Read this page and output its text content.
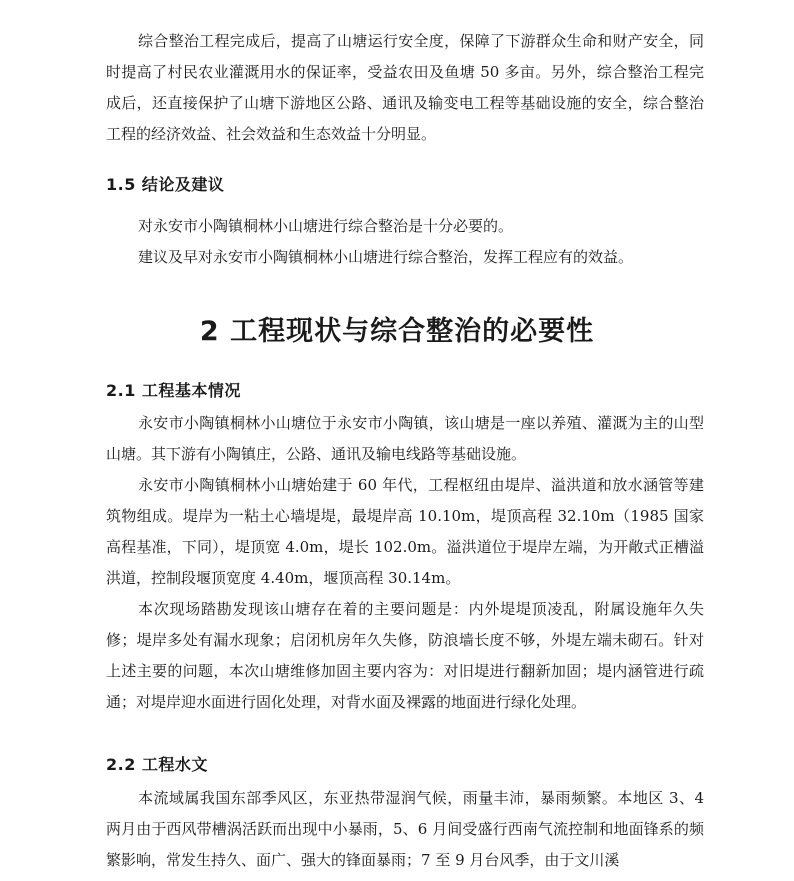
综合整治工程完成后，提高了山塘运行安全度，保障了下游群众生命和财产安全，同时提高了村民农业灌溉用水的保证率，受益农田及鱼塘 50 多亩。另外，综合整治工程完成后，还直接保护了山塘下游地区公路、通讯及输变电工程等基础设施的安全，综合整治工程的经济效益、社会效益和生态效益十分明显。

1.5 结论及建议

对永安市小陶镇桐林小山塘进行综合整治是十分必要的。

建议及早对永安市小陶镇桐林小山塘进行综合整治，发挥工程应有的效益。

2 工程现状与综合整治的必要性
2.1 工程基本情况

永安市小陶镇桐林小山塘位于永安市小陶镇，该山塘是一座以养殖、灌溉为主的山型山塘。其下游有小陶镇庄，公路、通讯及输电线路等基础设施。

永安市小陶镇桐林小山塘始建于 60 年代，工程枢纽由堤岸、溢洪道和放水涵管等建筑物组成。堤岸为一粘土心墙堤堤，最堤岸高 10.10m，堤顶高程 32.10m（1985 国家高程基准，下同），堤顶宽 4.0m，堤长 102.0m。溢洪道位于堤岸左端，为开敞式正槽溢洪道，控制段堰顶宽度 4.40m，堰顶高程 30.14m。

本次现场踏勘发现该山塘存在着的主要问题是：内外堤堤顶凌乱，附属设施年久失修；堤岸多处有漏水现象；启闭机房年久失修，防浪墙长度不够，外堤左端未砌石。针对上述主要的问题，本次山塘维修加固主要内容为：对旧堤进行翻新加固；堤内涵管进行疏通；对堤岸迎水面进行固化处理，对背水面及裸露的地面进行绿化处理。

2.2 工程水文

本流域属我国东部季风区，东亚热带湿润气候，雨量丰沛，暴雨频繁。本地区 3、4 两月由于西风带槽涡活跃而出现中小暴雨，5、6 月间受盛行西南气流控制和地面锋系的频繁影响，常发生持久、面广、强大的锋面暴雨；7 至 9 月台风季，由于文川溪
